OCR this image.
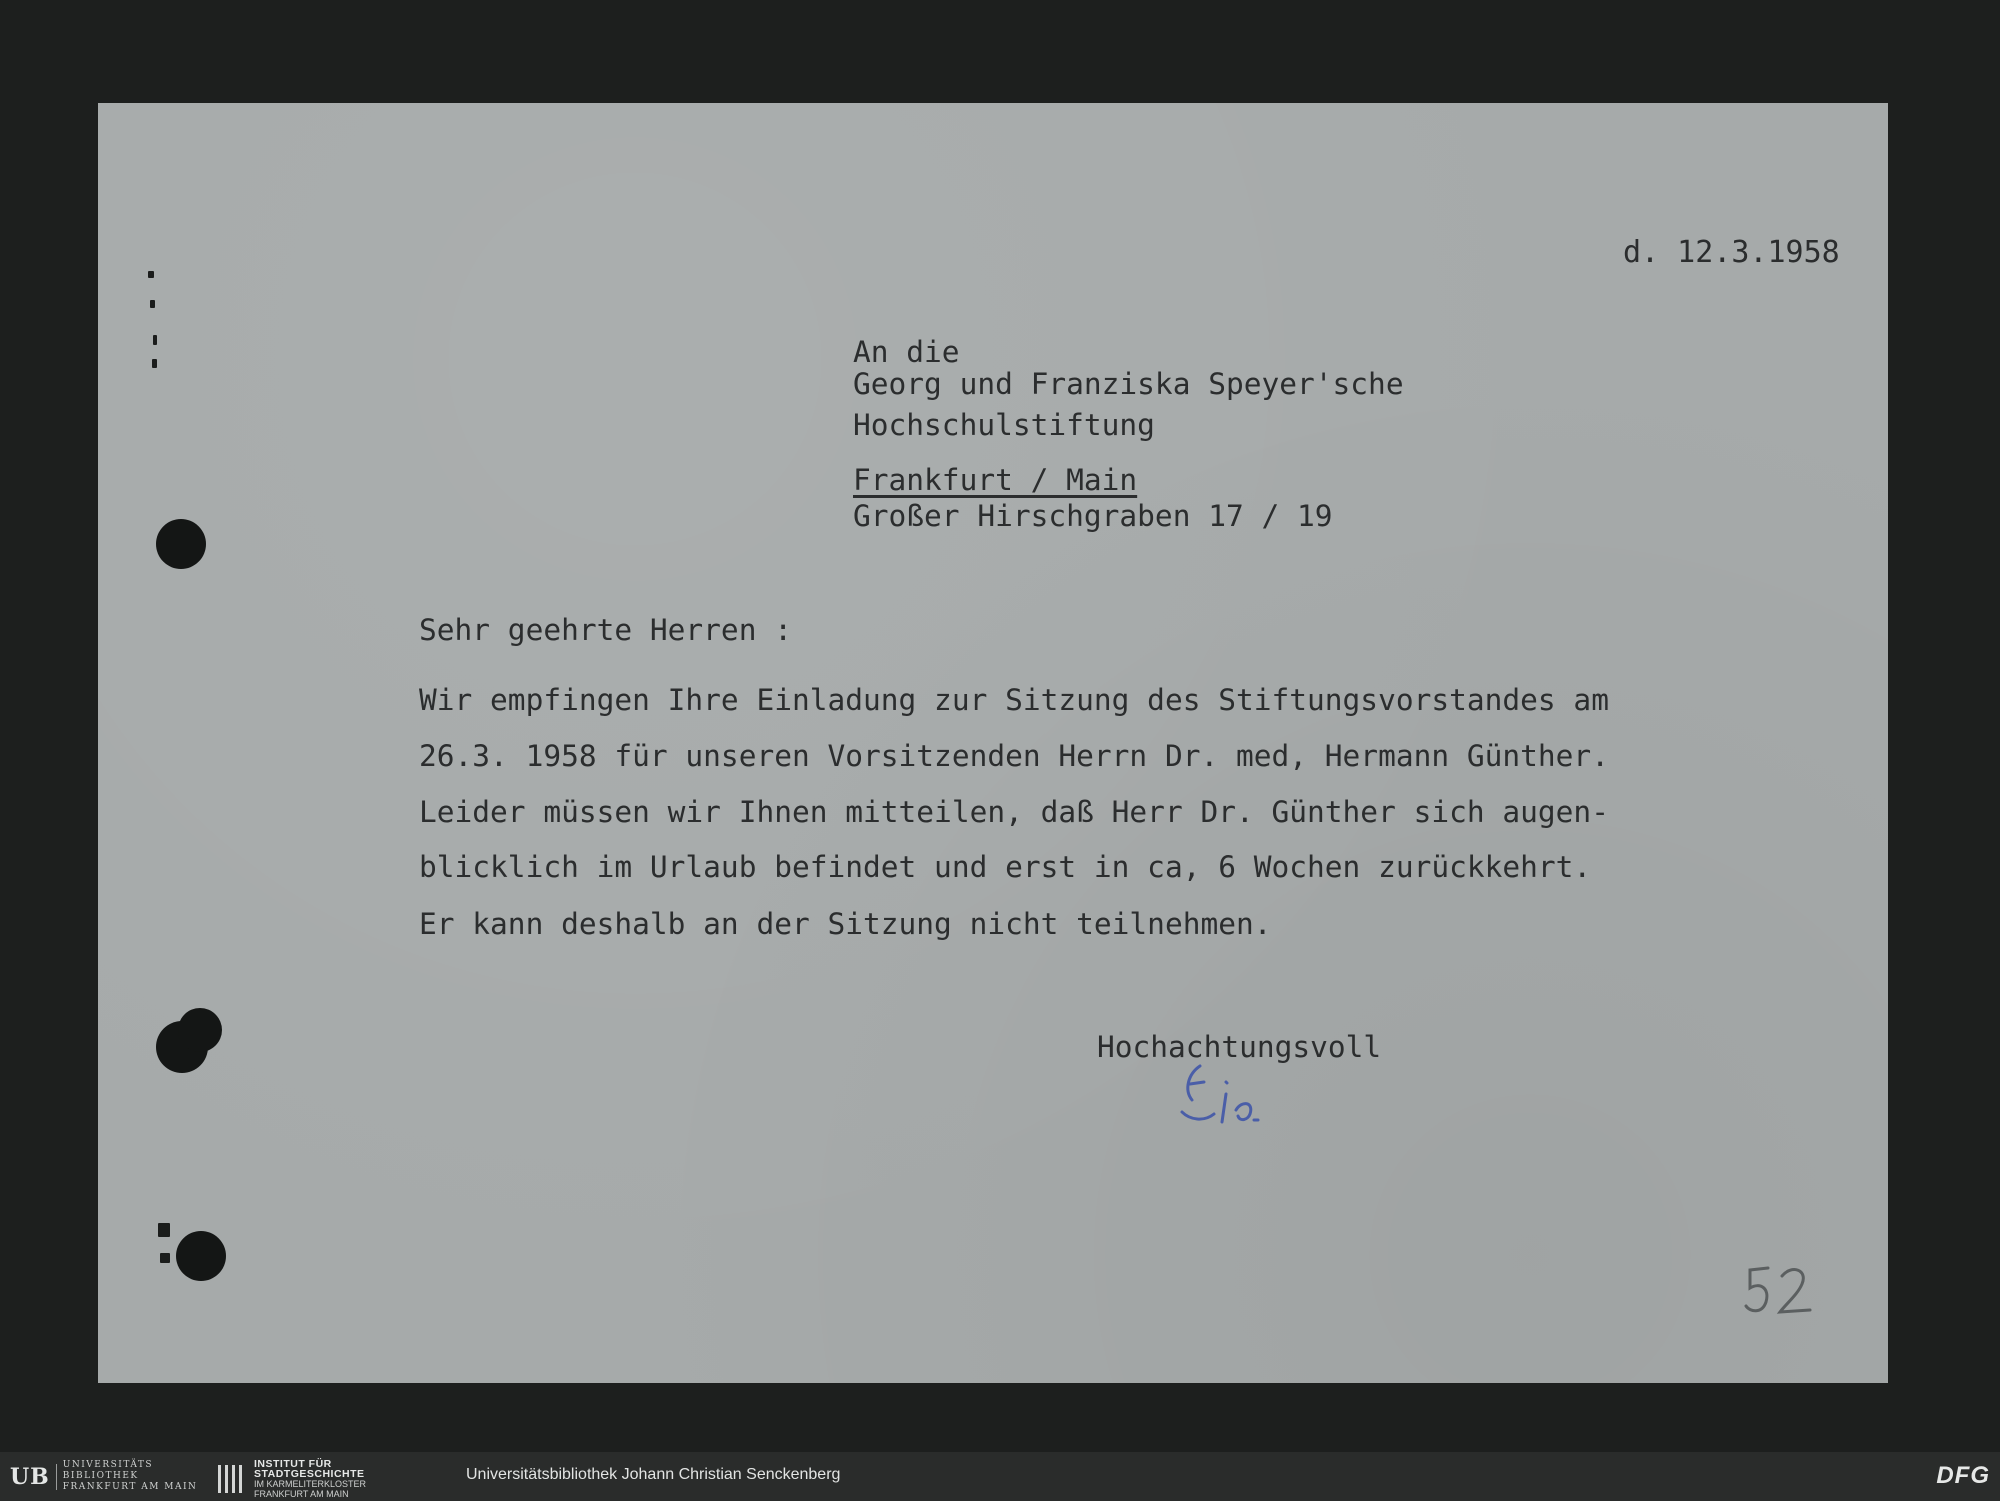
d. 12.3.1958

An die

Georg und Franziska Speyer'sche

Hochschulstiftung

Frankfurt / Main

Großer Hirschgraben 17 / 19

Sehr geehrte Herren :

Wir empfingen Ihre Einladung zur Sitzung des Stiftungsvorstandes am

26.3. 1958 für unseren Vorsitzenden Herrn Dr. med, Hermann Günther.

Leider müssen wir Ihnen mitteilen, daß Herr Dr. Günther sich augen-

blicklich im Urlaub befindet und erst in ca, 6 Wochen zurückkehrt.

Er kann deshalb an der Sitzung nicht teilnehmen.

Hochachtungsvoll

UB	UNIVERSITÄTS
BIBLIOTHEK
FRANKFURT AM MAIN
INSTITUT FÜR
STADTGESCHICHTE
IM KARMELITERKLOSTER
FRANKFURT AM MAIN
Universitätsbibliothek Johann Christian Senckenberg	DFG
